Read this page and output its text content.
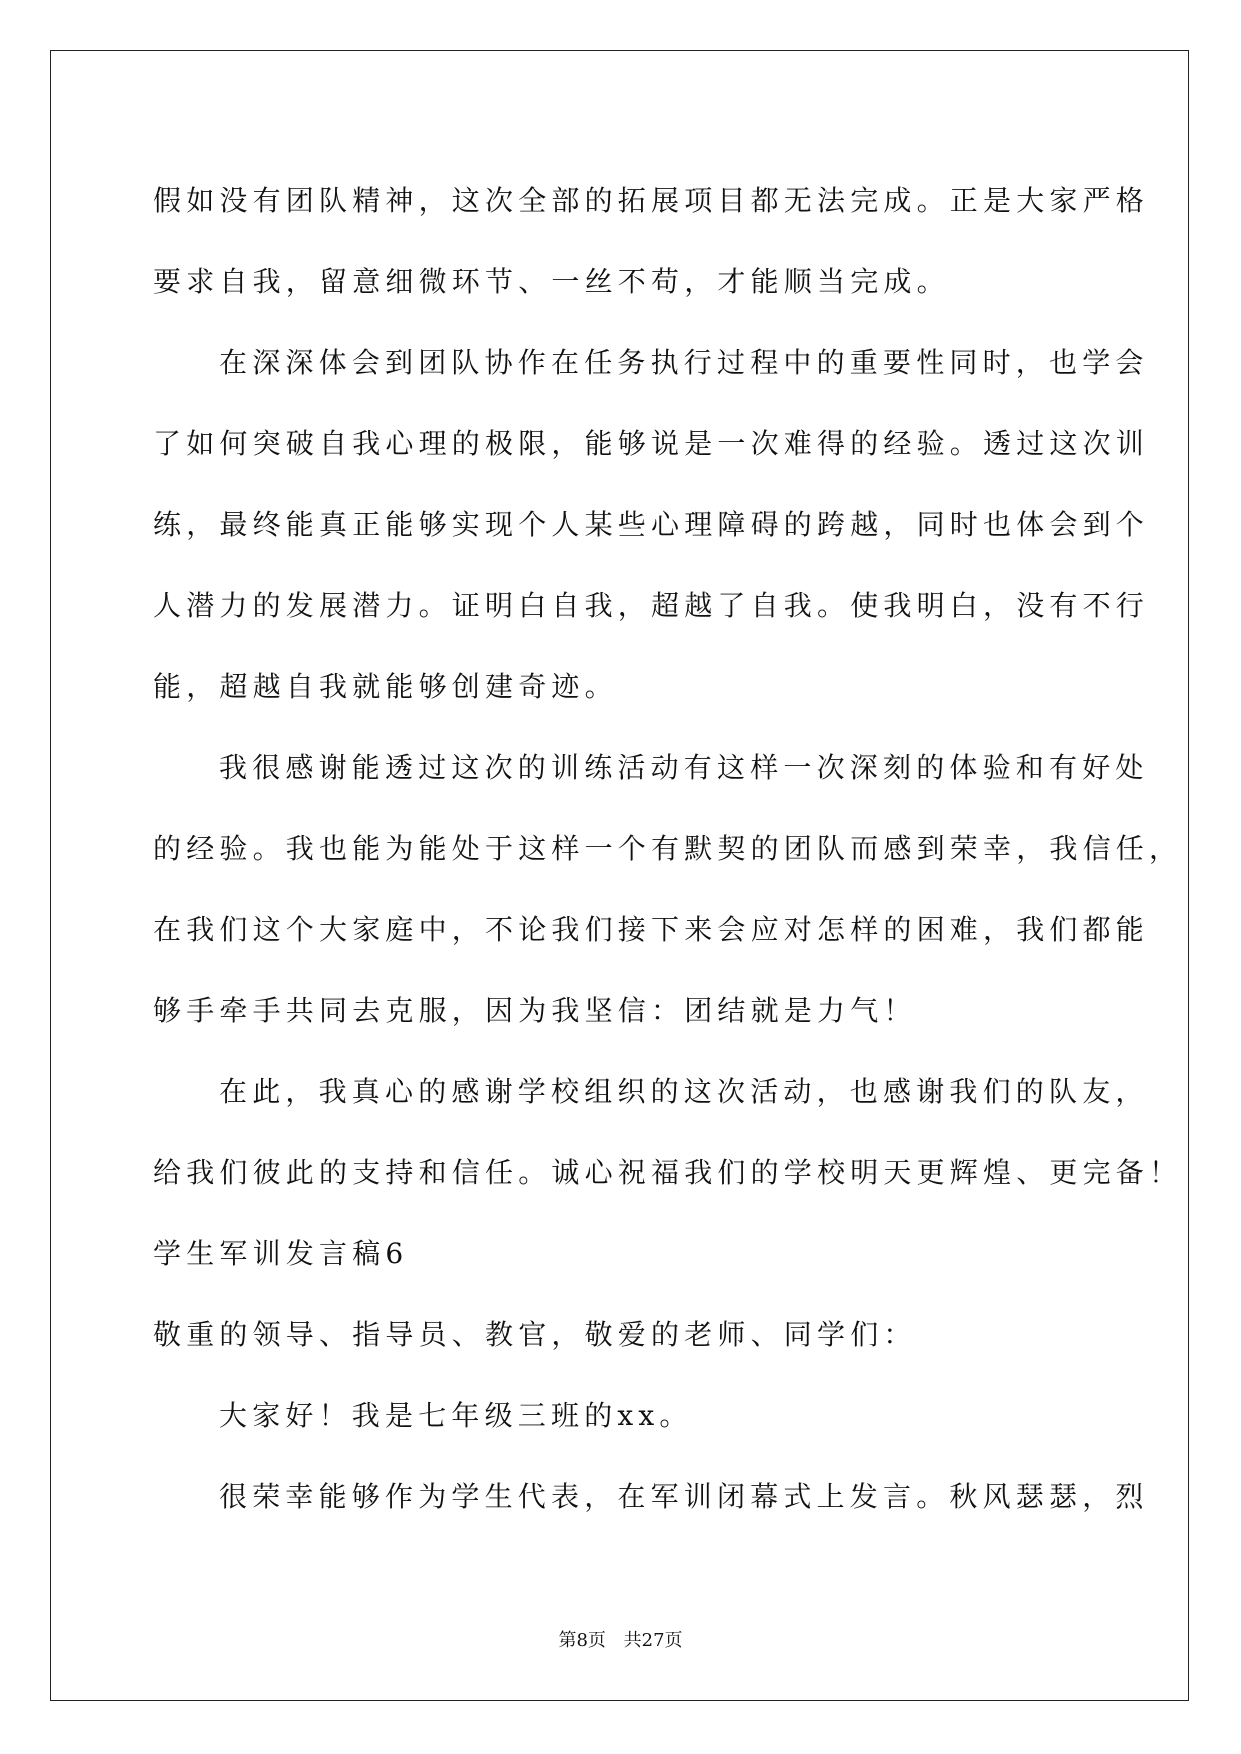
假如没有团队精神，这次全部的拓展项目都无法完成。正是大家严格

要求自我，留意细微环节、一丝不苟，才能顺当完成。

在深深体会到团队协作在任务执行过程中的重要性同时，也学会

了如何突破自我心理的极限，能够说是一次难得的经验。透过这次训

练，最终能真正能够实现个人某些心理障碍的跨越，同时也体会到个

人潜力的发展潜力。证明白自我，超越了自我。使我明白，没有不行

能，超越自我就能够创建奇迹。

我很感谢能透过这次的训练活动有这样一次深刻的体验和有好处

的经验。我也能为能处于这样一个有默契的团队而感到荣幸，我信任，

在我们这个大家庭中，不论我们接下来会应对怎样的困难，我们都能

够手牵手共同去克服，因为我坚信：团结就是力气！

在此，我真心的感谢学校组织的这次活动，也感谢我们的队友，

给我们彼此的支持和信任。诚心祝福我们的学校明天更辉煌、更完备！

学生军训发言稿6

敬重的领导、指导员、教官，敬爱的老师、同学们：

大家好！我是七年级三班的xx。

很荣幸能够作为学生代表，在军训闭幕式上发言。秋风瑟瑟，烈

第8页 共27页
